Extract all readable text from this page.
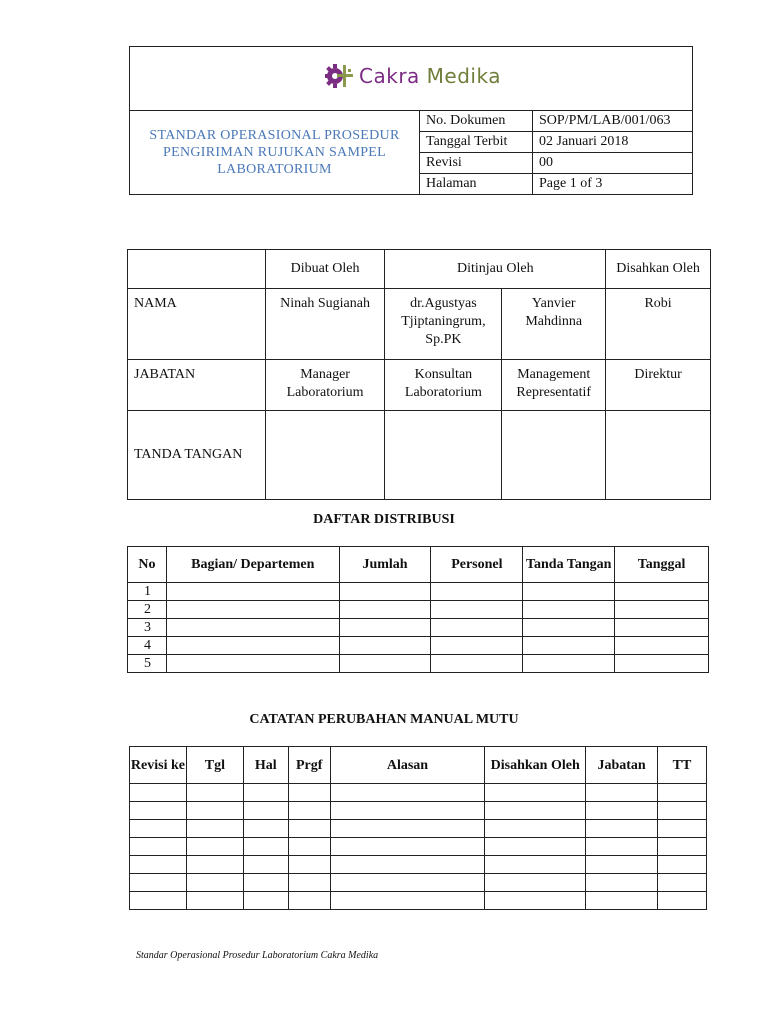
Cakra Medika		

STANDAR OPERASIONAL PROSEDUR
PENGIRIMAN RUJUKAN SAMPEL
LABORATORIUM	No. Dokumen	SOP/PM/LAB/001/063
	Tanggal Terbit	02 Januari 2018
	Revisi	00
	Halaman	Page 1 of 3
	Dibuat Oleh	Ditinjau Oleh		Disahkan Oleh
NAMA	Ninah Sugianah	dr.Agustyas Tjiptaningrum, Sp.PK	Yanvier Mahdinna	Robi
JABATAN	Manager Laboratorium	Konsultan Laboratorium	Management Representatif	Direktur
TANDA TANGAN				
DAFTAR DISTRIBUSI
No	Bagian/ Departemen	Jumlah	Personel	Tanda Tangan	Tanggal
1					
2					
3					
4					
5					
CATATAN PERUBAHAN MANUAL MUTU
Revisi ke	Tgl	Hal	Prgf	Alasan	Disahkan Oleh	Jabatan	TT

Standar Operasional Prosedur Laboratorium Cakra Medika
